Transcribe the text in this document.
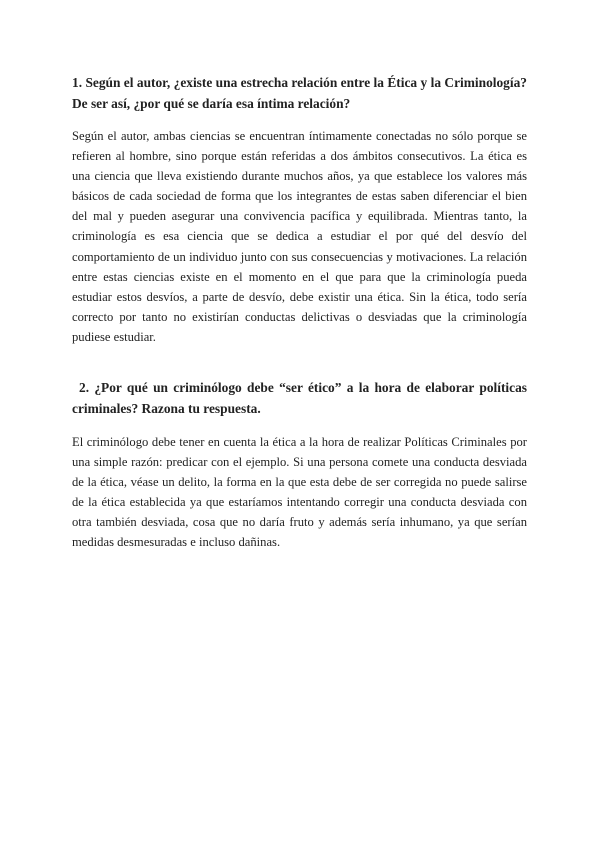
1. Según el autor, ¿existe una estrecha relación entre la Ética y la Criminología? De ser así, ¿por qué se daría esa íntima relación?

Según el autor, ambas ciencias se encuentran íntimamente conectadas no sólo porque se refieren al hombre, sino porque están referidas a dos ámbitos consecutivos. La ética es una ciencia que lleva existiendo durante muchos años, ya que establece los valores más básicos de cada sociedad de forma que los integrantes de estas saben diferenciar el bien del mal y pueden asegurar una convivencia pacífica y equilibrada. Mientras tanto, la criminología es esa ciencia que se dedica a estudiar el por qué del desvío del comportamiento de un individuo junto con sus consecuencias y motivaciones. La relación entre estas ciencias existe en el momento en el que para que la criminología pueda estudiar estos desvíos, a parte de desvío, debe existir una ética. Sin la ética, todo sería correcto por tanto no existirían conductas delictivas o desviadas que la criminología pudiese estudiar.

2. ¿Por qué un criminólogo debe “ser ético” a la hora de elaborar políticas criminales? Razona tu respuesta.

El criminólogo debe tener en cuenta la ética a la hora de realizar Políticas Criminales por una simple razón: predicar con el ejemplo. Si una persona comete una conducta desviada de la ética, véase un delito, la forma en la que esta debe de ser corregida no puede salirse de la ética establecida ya que estaríamos intentando corregir una conducta desviada con otra también desviada, cosa que no daría fruto y además sería inhumano, ya que serían medidas desmesuradas e incluso dañinas.
